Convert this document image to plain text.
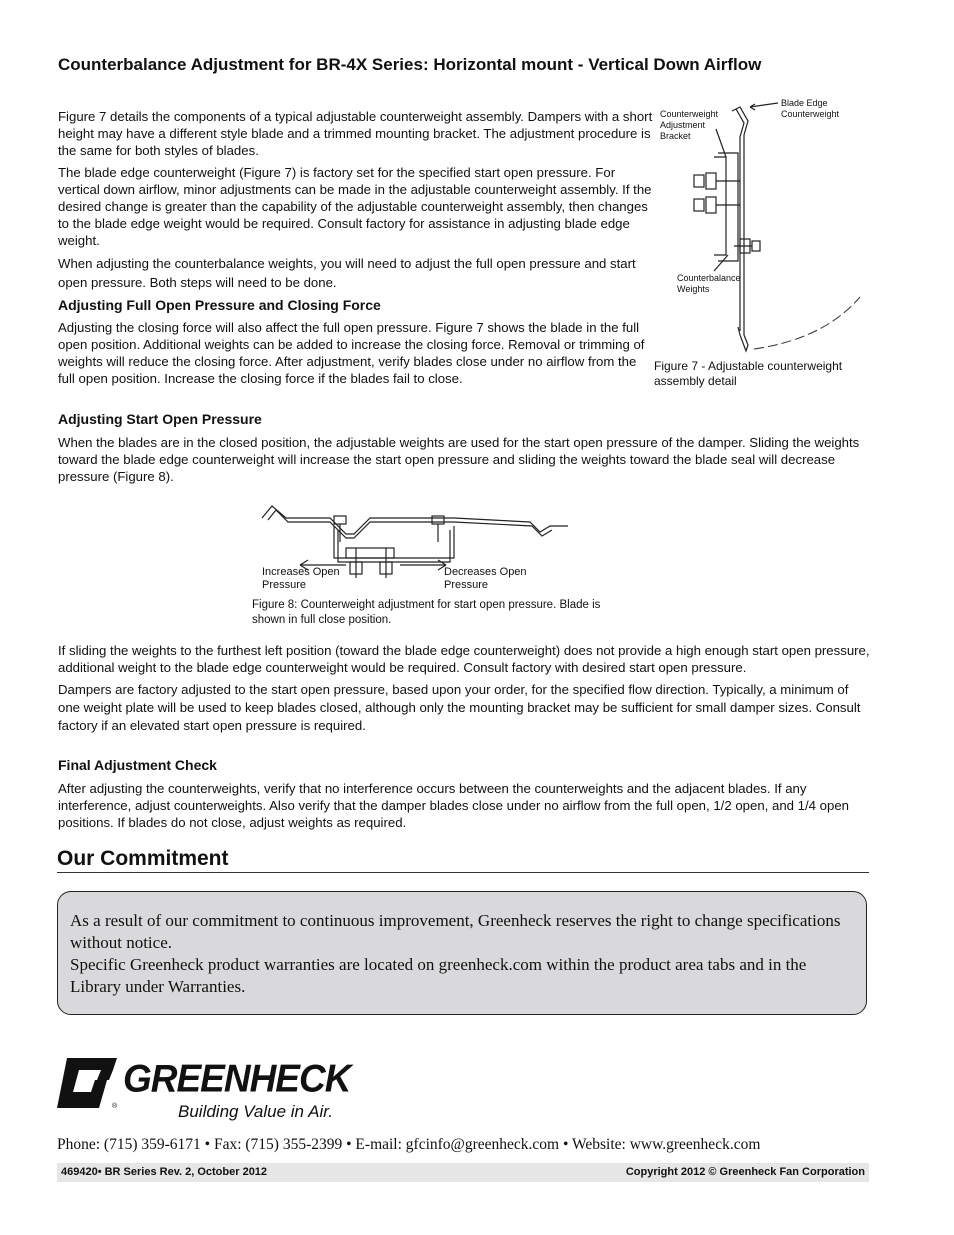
Counterbalance Adjustment for BR-4X Series: Horizontal mount - Vertical Down Airflow

Figure 7 details the components of a typical adjustable counterweight assembly. Dampers with a short height may have a different style blade and a trimmed mounting bracket. The adjustment procedure is the same for both styles of blades.

The blade edge counterweight (Figure 7) is factory set for the specified start open pressure. For vertical down airflow, minor adjustments can be made in the adjustable counterweight assembly. If the desired change is greater than the capability of the adjustable counterweight assembly, then changes to the blade edge weight would be required. Consult factory for assistance in adjusting blade edge weight.

When adjusting the counterbalance weights, you will need to adjust the full open pressure and start open pressure. Both steps will need to be done.

Adjusting Full Open Pressure and Closing Force

Adjusting the closing force will also affect the full open pressure. Figure 7 shows the blade in the full open position. Additional weights can be added to increase the closing force. Removal or trimming of weights will reduce the closing force. After adjustment, verify blades close under no airflow from the full open position. Increase the closing force if the blades fail to close.

Counterweight Adjustment Bracket
Blade Edge Counterweight
Counterbalance Weights
Figure 7 - Adjustable counterweight assembly detail
Adjusting Start Open Pressure

When the blades are in the closed position, the adjustable weights are used for the start open pressure of the damper. Sliding the weights toward the blade edge counterweight will increase the start open pressure and sliding the weights toward the blade seal will decrease pressure (Figure 8).

Increases Open Pressure
Decreases Open Pressure
Figure 8: Counterweight adjustment for start open pressure. Blade is shown in full close position.

If sliding the weights to the furthest left position (toward the blade edge counterweight) does not provide a high enough start open pressure, additional weight to the blade edge counterweight would be required. Consult factory with desired start open pressure.

Dampers are factory adjusted to the start open pressure, based upon your order, for the specified flow direction. Typically, a minimum of one weight plate will be used to keep blades closed, although only the mounting bracket may be sufficient for small damper sizes. Consult factory if an elevated start open pressure is required.

Final Adjustment Check

After adjusting the counterweights, verify that no interference occurs between the counterweights and the adjacent blades. If any interference, adjust counterweights. Also verify that the damper blades close under no airflow from the full open, 1/2 open, and 1/4 open positions. If blades do not close, adjust weights as required.

Our Commitment

As a result of our commitment to continuous improvement, Greenheck reserves the right to change specifications without notice.

Specific Greenheck product warranties are located on greenheck.com within the product area tabs and in the Library under Warranties.

®
GREENHECK
Building Value in Air.
Phone: (715) 359-6171 • Fax: (715) 355-2399 • E-mail: gfcinfo@greenheck.com • Website: www.greenheck.com
469420• BR Series Rev. 2, October 2012	Copyright 2012 © Greenheck Fan Corporation
